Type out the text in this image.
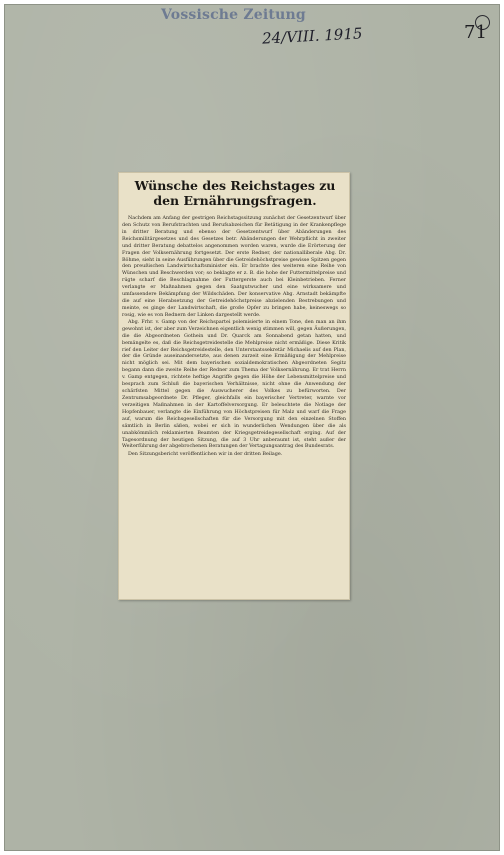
Vossische Zeitung
24/VIII. 1915	71
Wünsche des Reichstages zu den Ernährungsfragen.

Nachdem am Anfang der gestrigen Reichstagssitzung zunächst der Gesetzentwurf über den Schutz von Berufstrachten und Berufsabzeichen für Betätigung in der Krankenpflege in dritter Beratung und ebenso der Gesetzentwurf über Abänderungen des Reichsmilitärgesetzes und des Gesetzes betr. Abänderungen der Wehrpflicht in zweiter und dritter Beratung debattelos angenommen worden waren, wurde die Erörterung der Fragen der Volksernährung fortgesetzt. Der erste Redner, der nationalliberale Abg. Dr. Böhme, sieht in seine Ausführungen über die Getreidehöchstpreise gewisse Spitzen gegen den preußischen Landwirtschaftsminister ein. Er brachte des weiteren eine Reihe von Wünschen und Beschwerden vor; so beklagte er z. B. die hohe der Futtermittelpreise und rügte scharf die Beschlagnahme der Futtergerste auch bei Kleinbetrieben. Ferner verlangte er Maßnahmen gegen den Saatgutwucher und eine wirksamere und umfassendere Bekämpfung der Wildschäden. Der konservative Abg. Arnstadt bekämpfte die auf eine Herabsetzung der Getreidehöchstpreise abzielenden Bestrebungen und meinte, es ginge der Landwirtschaft, die große Opfer zu bringen habe, keineswegs so rosig, wie es von Rednern der Linken dargestellt werde.

Abg. Frhr. v. Gamp von der Reichspartei polemisierte in einem Tone, den man an ihm gewohnt ist, der aber zum Verzeichnen eigentlich wenig stimmen will, gegen Äußerungen, die die Abgeordneten Gothein und Dr. Quarck am Sonnabend getan hatten, und bemängelte es, daß die Reichsgetreidestelle die Mehlpreise nicht ermäßige. Diese Kritik rief den Leiter der Reichsgetreidestelle, den Unterstaatssekretär Michaelis auf den Plan, der die Gründe auseinandersetzte, aus denen zurzeit eine Ermäßigung der Mehlpreise nicht möglich sei. Mit dem bayerischen sozialdemokratischen Abgeordneten Segitz begann dann die zweite Reihe der Redner zum Thema der Volksernährung. Er trat Herrn v. Gamp entgegen, richtete heftige Angriffe gegen die Höhe der Lebensmittelpreise und besprach zum Schluß die bayerischen Verhältnisse, nicht ohne die Anwendung der schärfsten Mittel gegen die Auswucherer des Volkes zu befürworten. Der Zentrumsabgeordnete Dr. Pfleger, gleichfalls ein bayerischer Vertreter, warnte vor verzeitigen Maßnahmen in der Kartoffelversorgung. Er beleuchtete die Notlage der Hopfenbauer, verlangte die Einführung von Höchstpreisen für Malz und warf die Frage auf, warum die Reichsgesellschaften für die Versorgung mit den einzelnen Stoffen sämtlich in Berlin säßen, wobei er sich in wunderlichen Wendungen über die als unabkömmlich reklamierten Beamten der Kriegsgetreidegesellschaft erging. Auf der Tagesordnung der heutigen Sitzung, die auf 3 Uhr anberaumt ist, steht außer der Weiterführung der abgebrochenen Beratungen der Vertagungsantrag des Bundesrats.

Den Sitzungsbericht veröffentlichen wir in der dritten Beilage.
